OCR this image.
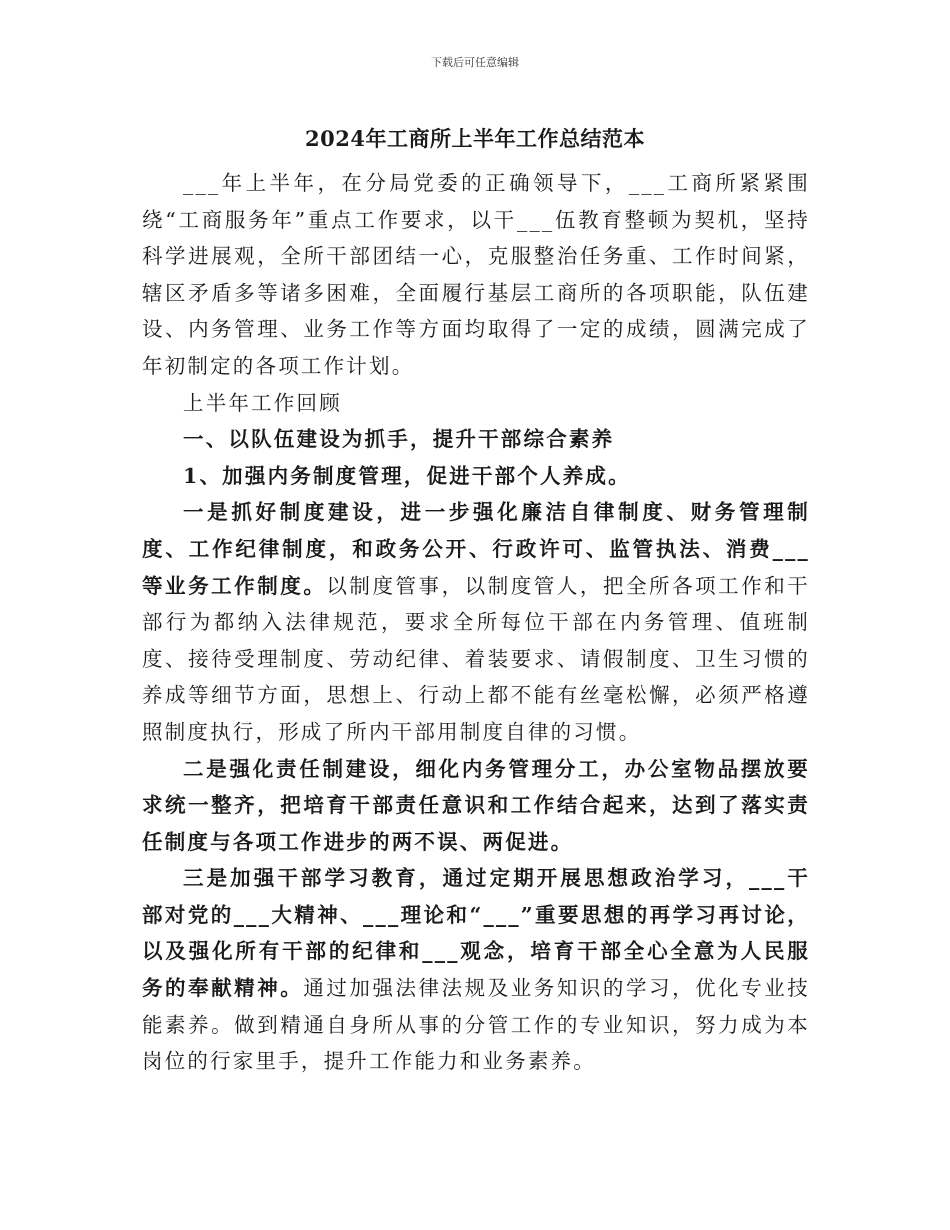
下载后可任意编辑
2024年工商所上半年工作总结范本

___年上半年，在分局党委的正确领导下，___工商所紧紧围绕“工商服务年”重点工作要求，以干___伍教育整顿为契机，坚持科学进展观，全所干部团结一心，克服整治任务重、工作时间紧，辖区矛盾多等诸多困难，全面履行基层工商所的各项职能，队伍建设、内务管理、业务工作等方面均取得了一定的成绩，圆满完成了年初制定的各项工作计划。

上半年工作回顾

一、以队伍建设为抓手，提升干部综合素养

1、加强内务制度管理，促进干部个人养成。

一是抓好制度建设，进一步强化廉洁自律制度、财务管理制度、工作纪律制度，和政务公开、行政许可、监管执法、消费___等业务工作制度。以制度管事，以制度管人，把全所各项工作和干部行为都纳入法律规范，要求全所每位干部在内务管理、值班制度、接待受理制度、劳动纪律、着装要求、请假制度、卫生习惯的养成等细节方面，思想上、行动上都不能有丝毫松懈，必须严格遵照制度执行，形成了所内干部用制度自律的习惯。

二是强化责任制建设，细化内务管理分工，办公室物品摆放要求统一整齐，把培育干部责任意识和工作结合起来，达到了落实责任制度与各项工作进步的两不误、两促进。

三是加强干部学习教育，通过定期开展思想政治学习，___干部对党的___大精神、___理论和“___”重要思想的再学习再讨论，以及强化所有干部的纪律和___观念，培育干部全心全意为人民服务的奉献精神。通过加强法律法规及业务知识的学习，优化专业技能素养。做到精通自身所从事的分管工作的专业知识，努力成为本岗位的行家里手，提升工作能力和业务素养。
